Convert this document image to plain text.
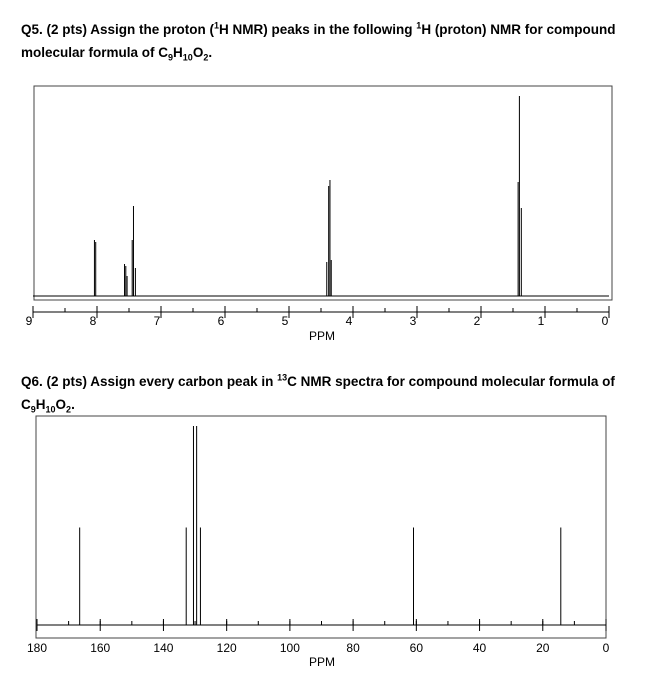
Q5. (2 pts) Assign the proton ($^1$H NMR) peaks in the following $^1$H (proton) NMR for compound molecular formula of $C_9H_{10}O_2$.
Q6. (2 pts) Assign every carbon peak in $^{13}$C NMR spectra for compound molecular formula of $C_9H_{10}O_2$.
9	8	7	6	5	4	3	2	1	0
PPM
180	160	140	120	100	80	60	40	20	0
PPM
